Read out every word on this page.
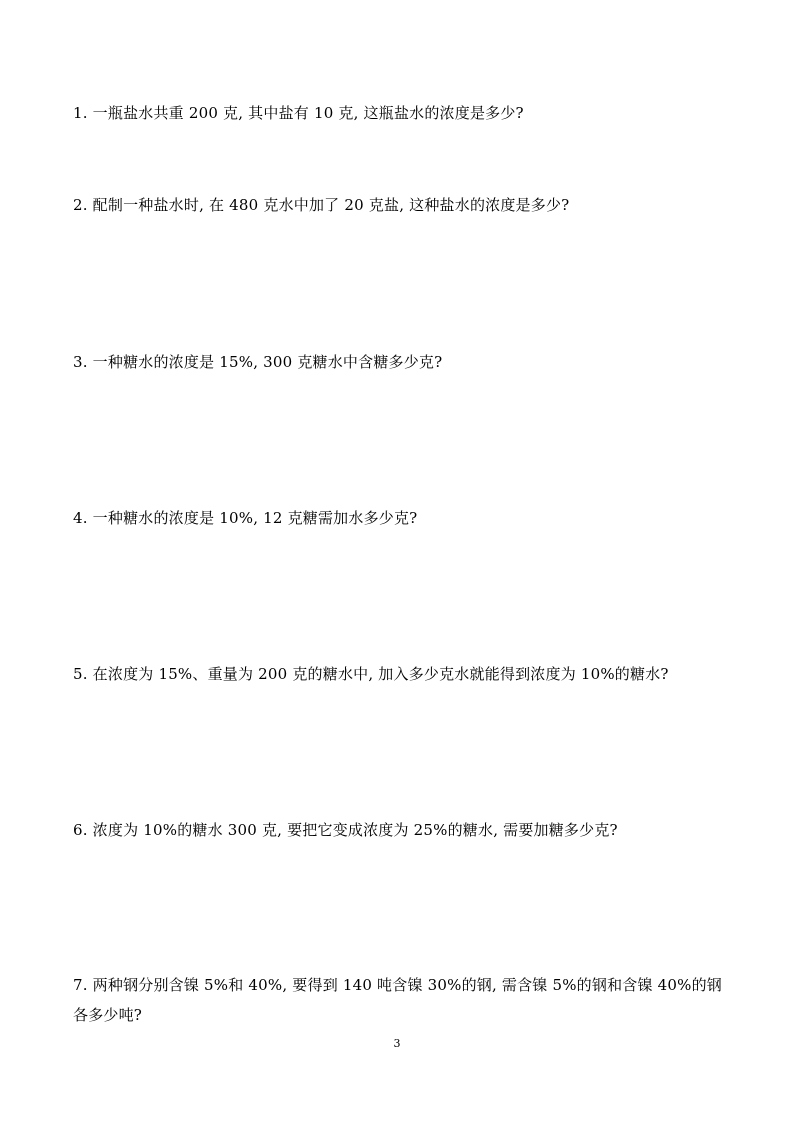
1. 一瓶盐水共重 200 克, 其中盐有 10 克, 这瓶盐水的浓度是多少?
2. 配制一种盐水时, 在 480 克水中加了 20 克盐, 这种盐水的浓度是多少?
3. 一种糖水的浓度是 15%, 300 克糖水中含糖多少克?
4. 一种糖水的浓度是 10%, 12 克糖需加水多少克?
5. 在浓度为 15%、重量为 200 克的糖水中, 加入多少克水就能得到浓度为 10%的糖水?
6. 浓度为 10%的糖水 300 克, 要把它变成浓度为 25%的糖水, 需要加糖多少克?
7. 两种钢分别含镍 5%和 40%, 要得到 140 吨含镍 30%的钢, 需含镍 5%的钢和含镍 40%的钢各多少吨?
3
